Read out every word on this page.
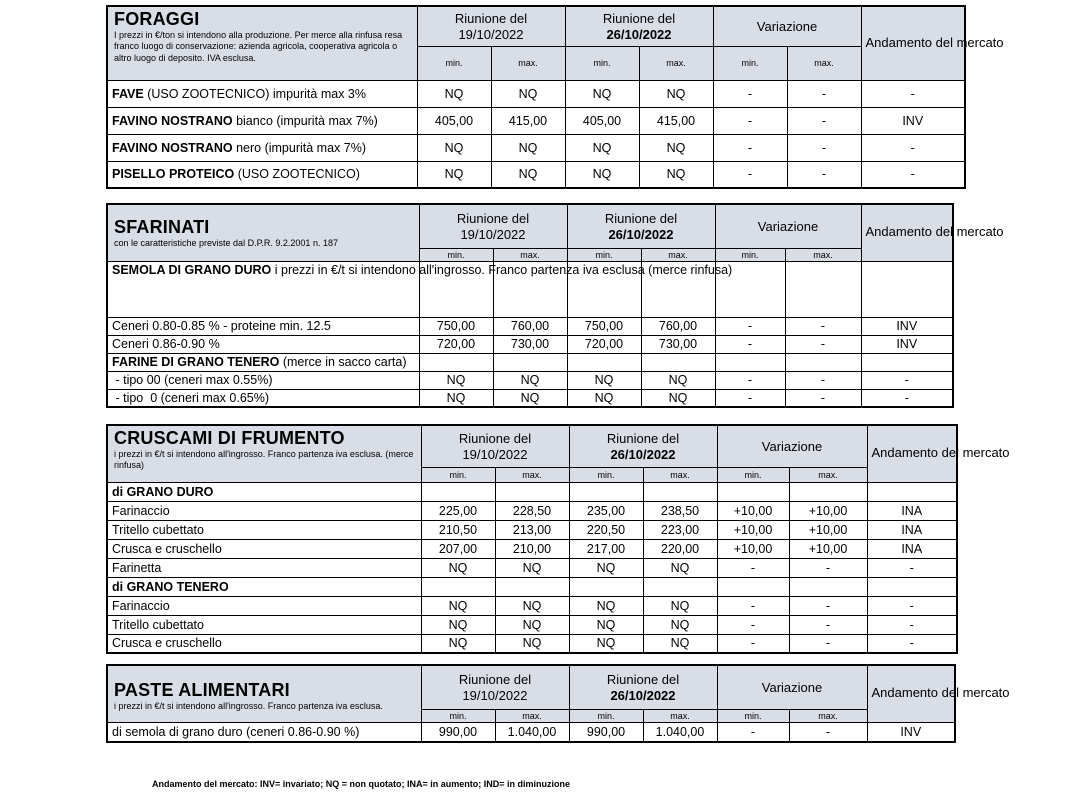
FORAGGI
I prezzi in €/ton si intendono alla produzione. Per merce alla rinfusa resa franco luogo di conservazione: azienda agricola, cooperativa agricola o altro luogo di deposito. IVA esclusa.	Riunione del
19/10/2022		Riunione del
26/10/2022		Variazione		Andamento del mercato
	min.	max.	min.	max.	min.	max.	
FAVE (USO ZOOTECNICO) impurità max 3%	NQ	NQ	NQ	NQ	-	-	-
FAVINO NOSTRANO bianco (impurità max 7%)	405,00	415,00	405,00	415,00	-	-	INV
FAVINO NOSTRANO nero (impurità max 7%)	NQ	NQ	NQ	NQ	-	-	-
PISELLO PROTEICO (USO ZOOTECNICO)	NQ	NQ	NQ	NQ	-	-	-
SFARINATI
con le caratteristiche previste dal D.P.R. 9.2.2001 n. 187	Riunione del
19/10/2022		Riunione del
26/10/2022		Variazione		Andamento del mercato
	min.	max.	min.	max.	min.	max.	
SEMOLA DI GRANO DURO i prezzi in €/t si intendono all'ingrosso. Franco partenza iva esclusa (merce rinfusa)							
Ceneri 0.80-0.85 % - proteine min. 12.5	750,00	760,00	750,00	760,00	-	-	INV
Ceneri 0.86-0.90 %	720,00	730,00	720,00	730,00	-	-	INV
FARINE DI GRANO TENERO (merce in sacco carta)							
- tipo 00 (ceneri max 0.55%)	NQ	NQ	NQ	NQ	-	-	-
- tipo  0 (ceneri max 0.65%)	NQ	NQ	NQ	NQ	-	-	-
CRUSCAMI DI FRUMENTO
i prezzi in €/t si intendono all'ingrosso. Franco partenza iva esclusa. (merce rinfusa)	Riunione del
19/10/2022		Riunione del
26/10/2022		Variazione		Andamento del mercato
	min.	max.	min.	max.	min.	max.	
di GRANO DURO							
Farinaccio	225,00	228,50	235,00	238,50	+10,00	+10,00	INA
Tritello cubettato	210,50	213,00	220,50	223,00	+10,00	+10,00	INA
Crusca e cruschello	207,00	210,00	217,00	220,00	+10,00	+10,00	INA
Farinetta	NQ	NQ	NQ	NQ	-	-	-
di GRANO TENERO							
Farinaccio	NQ	NQ	NQ	NQ	-	-	-
Tritello cubettato	NQ	NQ	NQ	NQ	-	-	-
Crusca e cruschello	NQ	NQ	NQ	NQ	-	-	-
PASTE ALIMENTARI
i prezzi in €/t si intendono all'ingrosso. Franco partenza iva esclusa.	Riunione del
19/10/2022		Riunione del
26/10/2022		Variazione		Andamento del mercato
	min.	max.	min.	max.	min.	max.	
di semola di grano duro (ceneri 0.86-0.90 %)	990,00	1.040,00	990,00	1.040,00	-	-	INV
Andamento del mercato: INV= invariato; NQ = non quotato; INA= in aumento; IND= in diminuzione
